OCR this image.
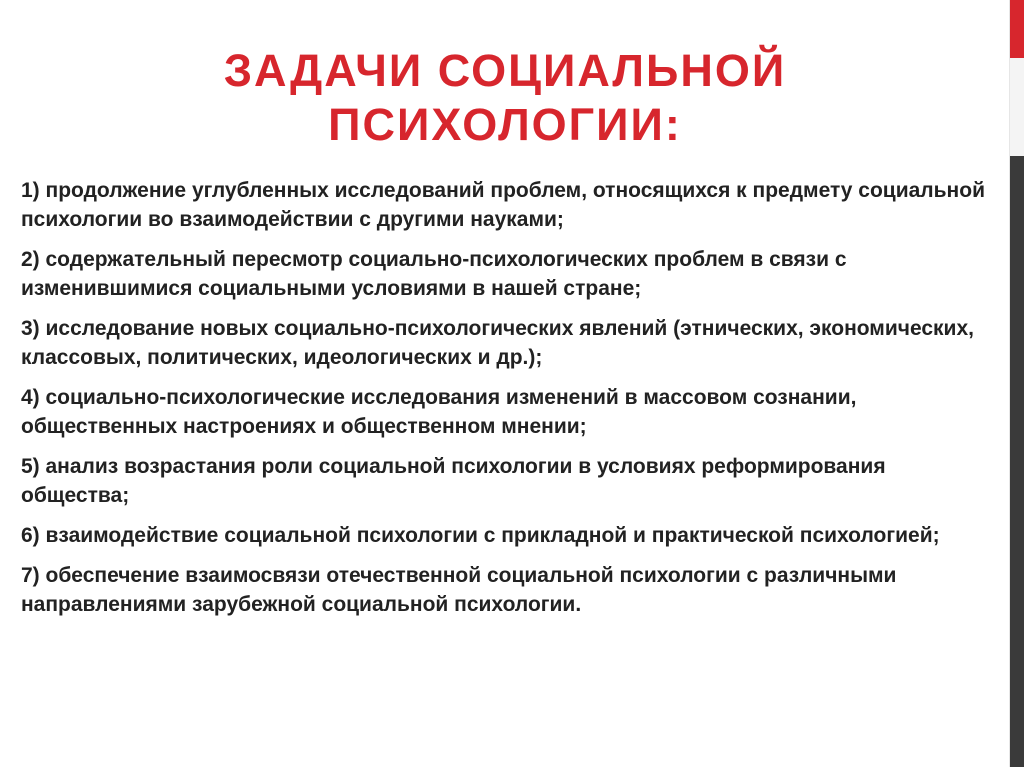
ЗАДАЧИ СОЦИАЛЬНОЙ
ПСИХОЛОГИИ:
1) продолжение углубленных исследований проблем, относящихся к предмету социальной психологии во взаимодействии с другими науками;
2) содержательный пересмотр социально-психологических проблем в связи с изменившимися социальными условиями в нашей стране;
3) исследование новых социально-психологических явлений (этнических, экономических, классовых, политических, идеологических и др.);
4) социально-психологические исследования изменений в массовом сознании, общественных настроениях и общественном мнении;
5) анализ возрастания роли социальной психологии в условиях реформирования общества;
6) взаимодействие социальной психологии с прикладной и практической психологией;
7) обеспечение взаимосвязи отечественной социальной психологии с различными направлениями зарубежной социальной психологии.
